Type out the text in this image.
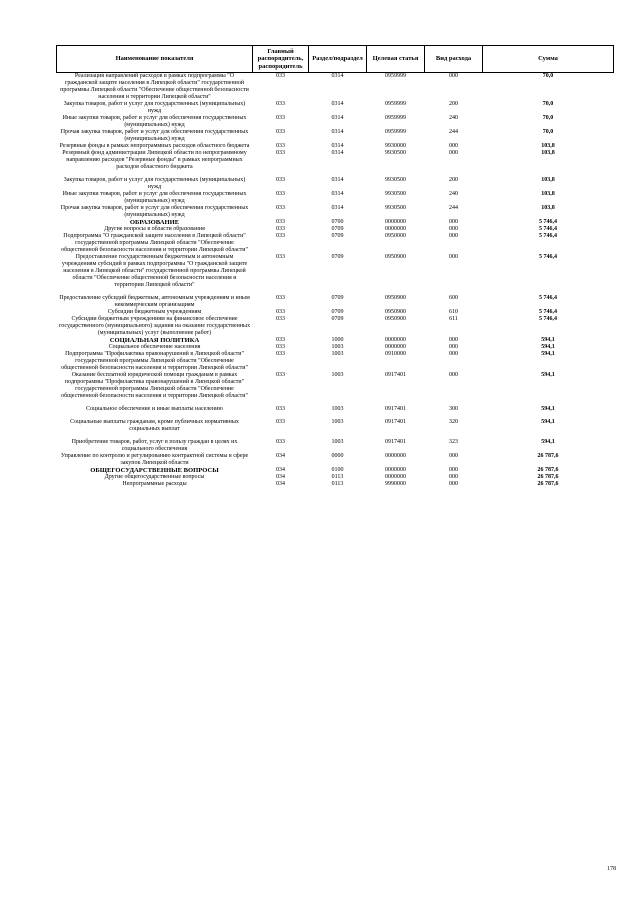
Наименование показателя	Главный распорядитель, распорядитель	Раздел/подраздел	Целевая статья	Вид расхода	Сумма
Реализация направлений расходов в рамках подпрограммы "О гражданской защите населения в Липецкой области" государственной программы Липецкой области "Обеспечение общественной безопасности населения и территории Липецкой области"	033	0314	0959999	000	70,0
Закупка товаров, работ и услуг для государственных (муниципальных) нужд	033	0314	0959999	200	70,0
Иные закупки товаров, работ и услуг для обеспечения государственных (муниципальных) нужд	033	0314	0959999	240	70,0
Прочая закупка товаров, работ и услуг для обеспечения государственных (муниципальных) нужд	033	0314	0959999	244	70,0
Резервные фонды в рамках непрограммных расходов областного бюджета	033	0314	9930000	000	103,8
Резервный фонд администрации Липецкой области по непрограммному направлению расходов "Резервные фонды" в рамках непрограммных расходов областного бюджета	033	0314	9930500	000	103,8

Закупка товаров, работ и услуг для государственных (муниципальных) нужд	033	0314	9930500	200	103,8
Иные закупки товаров, работ и услуг для обеспечения государственных (муниципальных) нужд	033	0314	9930500	240	103,8
Прочая закупка товаров, работ и услуг для обеспечения государственных (муниципальных) нужд	033	0314	9930500	244	103,8
ОБРАЗОВАНИЕ	033	0700	0000000	000	5 746,4
Другие вопросы в области образования	033	0709	0000000	000	5 746,4
Подпрограмма "О гражданской защите населения в Липецкой области" государственной программы Липецкой области "Обеспечение общественной безопасности населения и территории Липецкой области"	033	0709	0950000	000	5 746,4
Предоставление государственным бюджетным и автономным учреждениям субсидий в рамках подпрограммы "О гражданской защите населения в Липецкой области" государственной программы Липецкой области "Обеспечение общественной безопасности населения и территории Липецкой области"	033	0709	0950900	000	5 746,4

Предоставление субсидий бюджетным, автономным учреждениям и иным некоммерческим организациям	033	0709	0950900	600	5 746,4
Субсидии бюджетным учреждениям	033	0709	0950900	610	5 746,4
Субсидии бюджетным учреждениям на финансовое обеспечение государственного (муниципального) задания на оказание государственных (муниципальных) услуг (выполнение работ)	033	0709	0950900	611	5 746,4
СОЦИАЛЬНАЯ ПОЛИТИКА	033	1000	0000000	000	594,1
Социальное обеспечение населения	033	1003	0000000	000	594,1
Подпрограмма "Профилактика правонарушений в Липецкой области" государственной программы Липецкой области "Обеспечение общественной безопасности населения и территории Липецкой области"	033	1003	0910000	000	594,1
Оказание бесплатной юридической помощи гражданам в рамках подпрограммы "Профилактика правонарушений в Липецкой области" государственной программы Липецкой области "Обеспечение общественной безопасности населения и территории Липецкой области"	033	1003	0917401	000	594,1

Социальное обеспечение и иные выплаты населению	033	1003	0917401	300	594,1

Социальные выплаты гражданам, кроме публичных нормативных социальных выплат	033	1003	0917401	320	594,1

Приобретение товаров, работ, услуг в пользу граждан в целях их социального обеспечения	033	1003	0917401	323	594,1
Управление по контролю и регулированию контрактной системы в сфере закупок Липецкой области	034	0000	0000000	000	26 787,6
ОБЩЕГОСУДАРСТВЕННЫЕ ВОПРОСЫ	034	0100	0000000	000	26 787,6
Другие общегосударственные вопросы	034	0113	0000000	000	26 787,6
Непрограммные расходы	034	0113	9990000	000	26 787,6
178
